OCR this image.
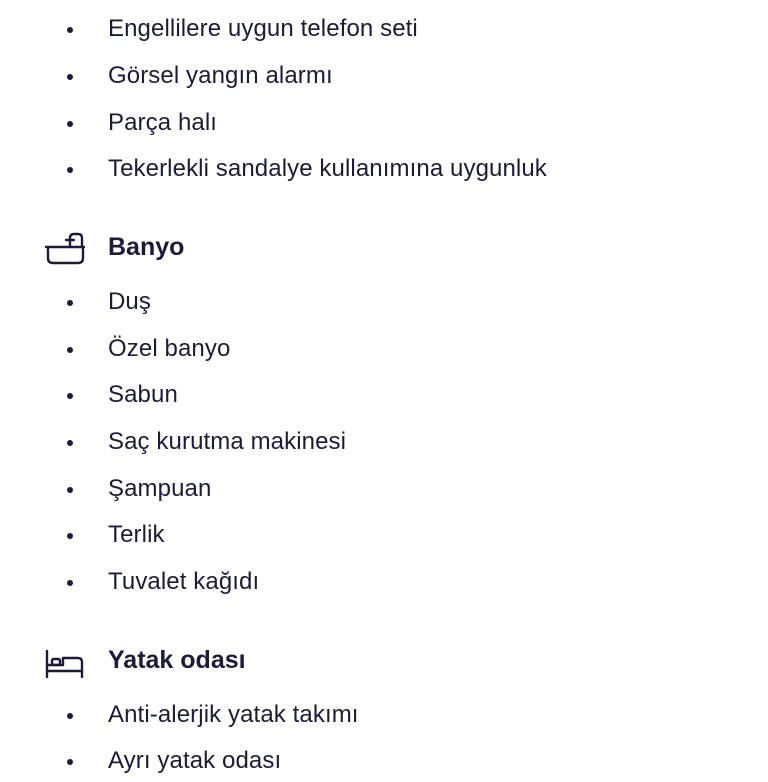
Engellilere uygun telefon seti
Görsel yangın alarmı
Parça halı
Tekerlekli sandalye kullanımına uygunluk
Banyo
Duş
Özel banyo
Sabun
Saç kurutma makinesi
Şampuan
Terlik
Tuvalet kağıdı
Yatak odası
Anti-alerjik yatak takımı
Ayrı yatak odası
